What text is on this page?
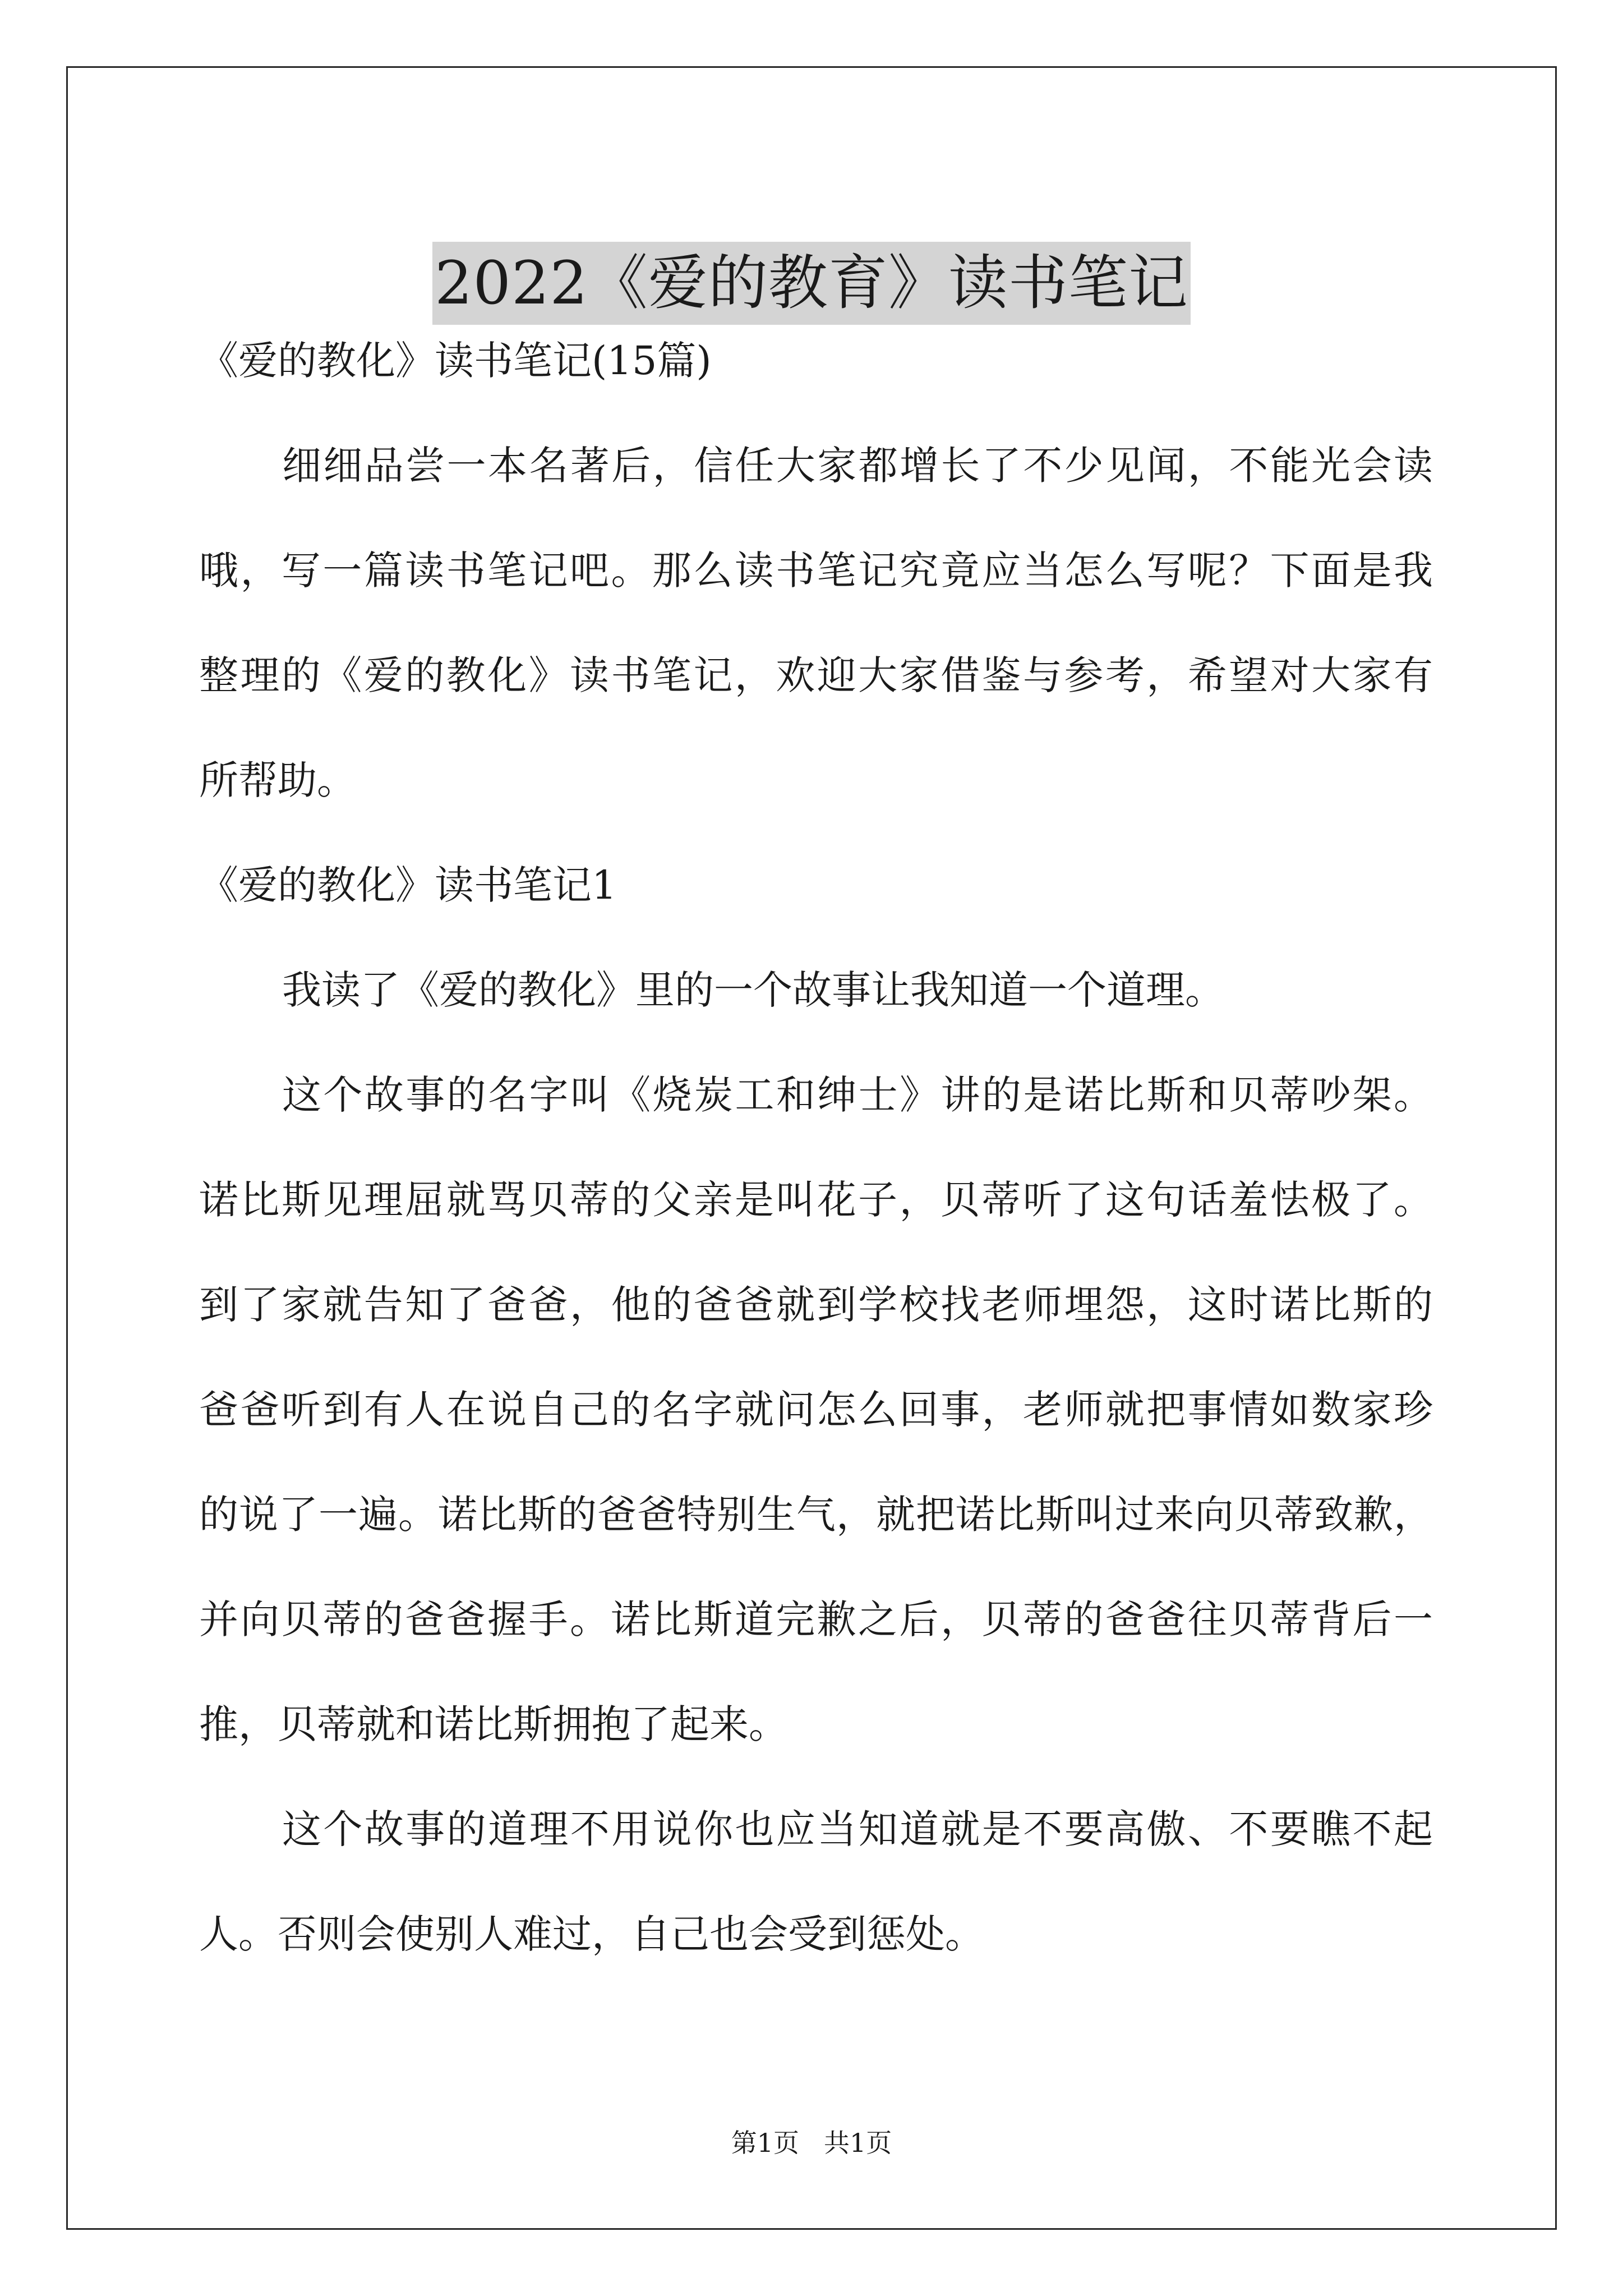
2022《爱的教育》读书笔记
《爱的教化》读书笔记(15篇)
细细品尝一本名著后，信任大家都增长了不少见闻，不能光会读
哦，写一篇读书笔记吧。那么读书笔记究竟应当怎么写呢？下面是我
整理的《爱的教化》读书笔记，欢迎大家借鉴与参考，希望对大家有
所帮助。
《爱的教化》读书笔记1
我读了《爱的教化》里的一个故事让我知道一个道理。
这个故事的名字叫《烧炭工和绅士》讲的是诺比斯和贝蒂吵架。
诺比斯见理屈就骂贝蒂的父亲是叫花子，贝蒂听了这句话羞怯极了。
到了家就告知了爸爸，他的爸爸就到学校找老师埋怨，这时诺比斯的
爸爸听到有人在说自己的名字就问怎么回事，老师就把事情如数家珍
的说了一遍。诺比斯的爸爸特别生气，就把诺比斯叫过来向贝蒂致歉，
并向贝蒂的爸爸握手。诺比斯道完歉之后，贝蒂的爸爸往贝蒂背后一
推，贝蒂就和诺比斯拥抱了起来。
这个故事的道理不用说你也应当知道就是不要高傲、不要瞧不起
人。否则会使别人难过，自己也会受到惩处。
第1页 共1页
